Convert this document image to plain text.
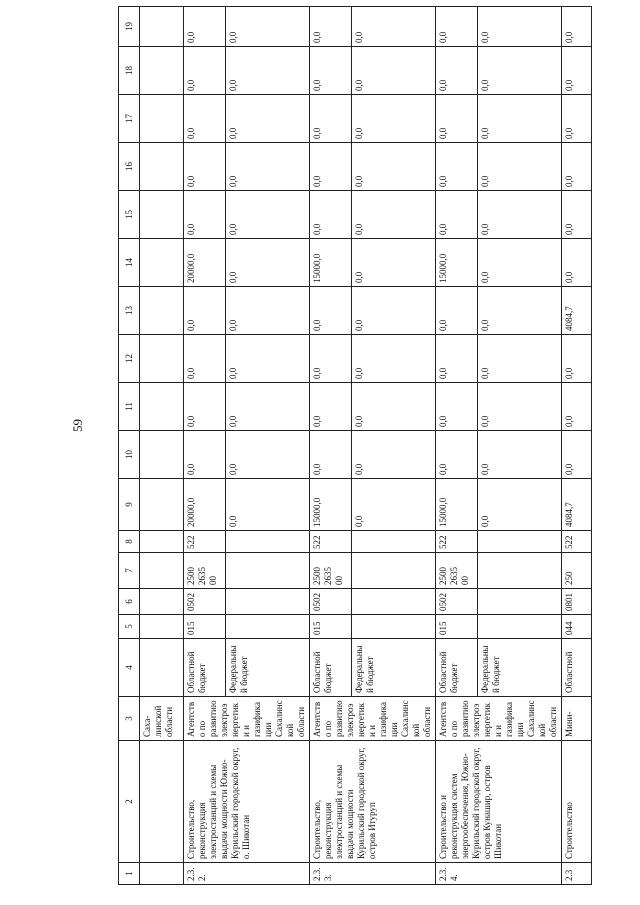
59
1	2	3	4	5	6	7	8	9	10	11	12	13	14	15	16	17	18	19
		Саха-линской области																
2.3.2.	Строительство, реконструкция электростанций и схемы выдачи мощности Южно-Курильский городской округ, о. Шикотан	Агентство по развитию электроэнергетики и газификации Сахалинской области	Областной бюджет	015	0502	2500 2635 00	522	20000,0	0,0	0,0	0,0	0,0	20000,0	0,0	0,0	0,0	0,0	0,0
			Федеральный бюджет					0,0	0,0	0,0	0,0	0,0	0,0	0,0	0,0	0,0	0,0	0,0
2.3.3.	Строительство, реконструкция электростанций и схемы выдачи мощности Курильский городской округ, остров Итуруп	Агентство по развитию электроэнергетики и газификации Сахалинской области	Областной бюджет	015	0502	2500 2635 00	522	15000,0	0,0	0,0	0,0	0,0	15000,0	0,0	0,0	0,0	0,0	0,0
			Федеральный бюджет					0,0	0,0	0,0	0,0	0,0	0,0	0,0	0,0	0,0	0,0	0,0
2.3.4.	Строительство и реконструкция систем энергообеспечения, Южно-Курильский городской округ, остров Кунашир, остров Шикотан	Агентство по развитию электроэнергетики и газификации Сахалинской области	Областной бюджет	015	0502	2500 2635 00	522	15000,0	0,0	0,0	0,0	0,0	15000,0	0,0	0,0	0,0	0,0	0,0
			Федеральный бюджет					0,0	0,0	0,0	0,0	0,0	0,0	0,0	0,0	0,0	0,0	0,0
2.3	Строительство	Мини-	Областной	044	0801	250	522	4084,7	0,0	0,0	0,0	4084,7	0,0	0,0	0,0	0,0	0,0	0,0
